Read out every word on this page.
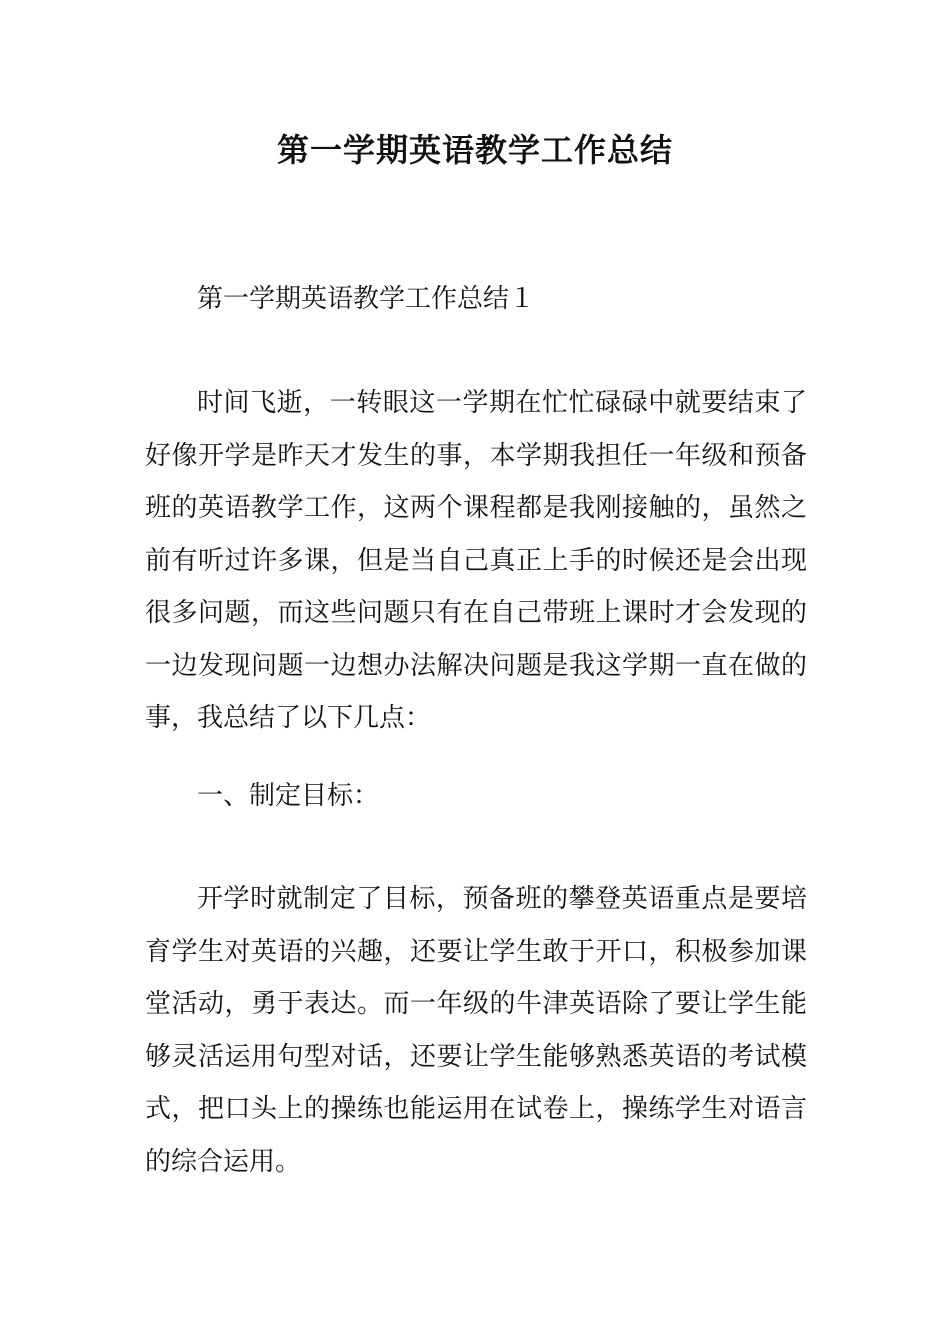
第一学期英语教学工作总结

第一学期英语教学工作总结１

时间飞逝，一转眼这一学期在忙忙碌碌中就要结束了好像开学是昨天才发生的事，本学期我担任一年级和预备班的英语教学工作，这两个课程都是我刚接触的，虽然之前有听过许多课，但是当自己真正上手的时候还是会出现很多问题，而这些问题只有在自己带班上课时才会发现的一边发现问题一边想办法解决问题是我这学期一直在做的事，我总结了以下几点：

一、制定目标：

开学时就制定了目标，预备班的攀登英语重点是要培育学生对英语的兴趣，还要让学生敢于开口，积极参加课堂活动，勇于表达。而一年级的牛津英语除了要让学生能够灵活运用句型对话，还要让学生能够熟悉英语的考试模式，把口头上的操练也能运用在试卷上，操练学生对语言的综合运用。
